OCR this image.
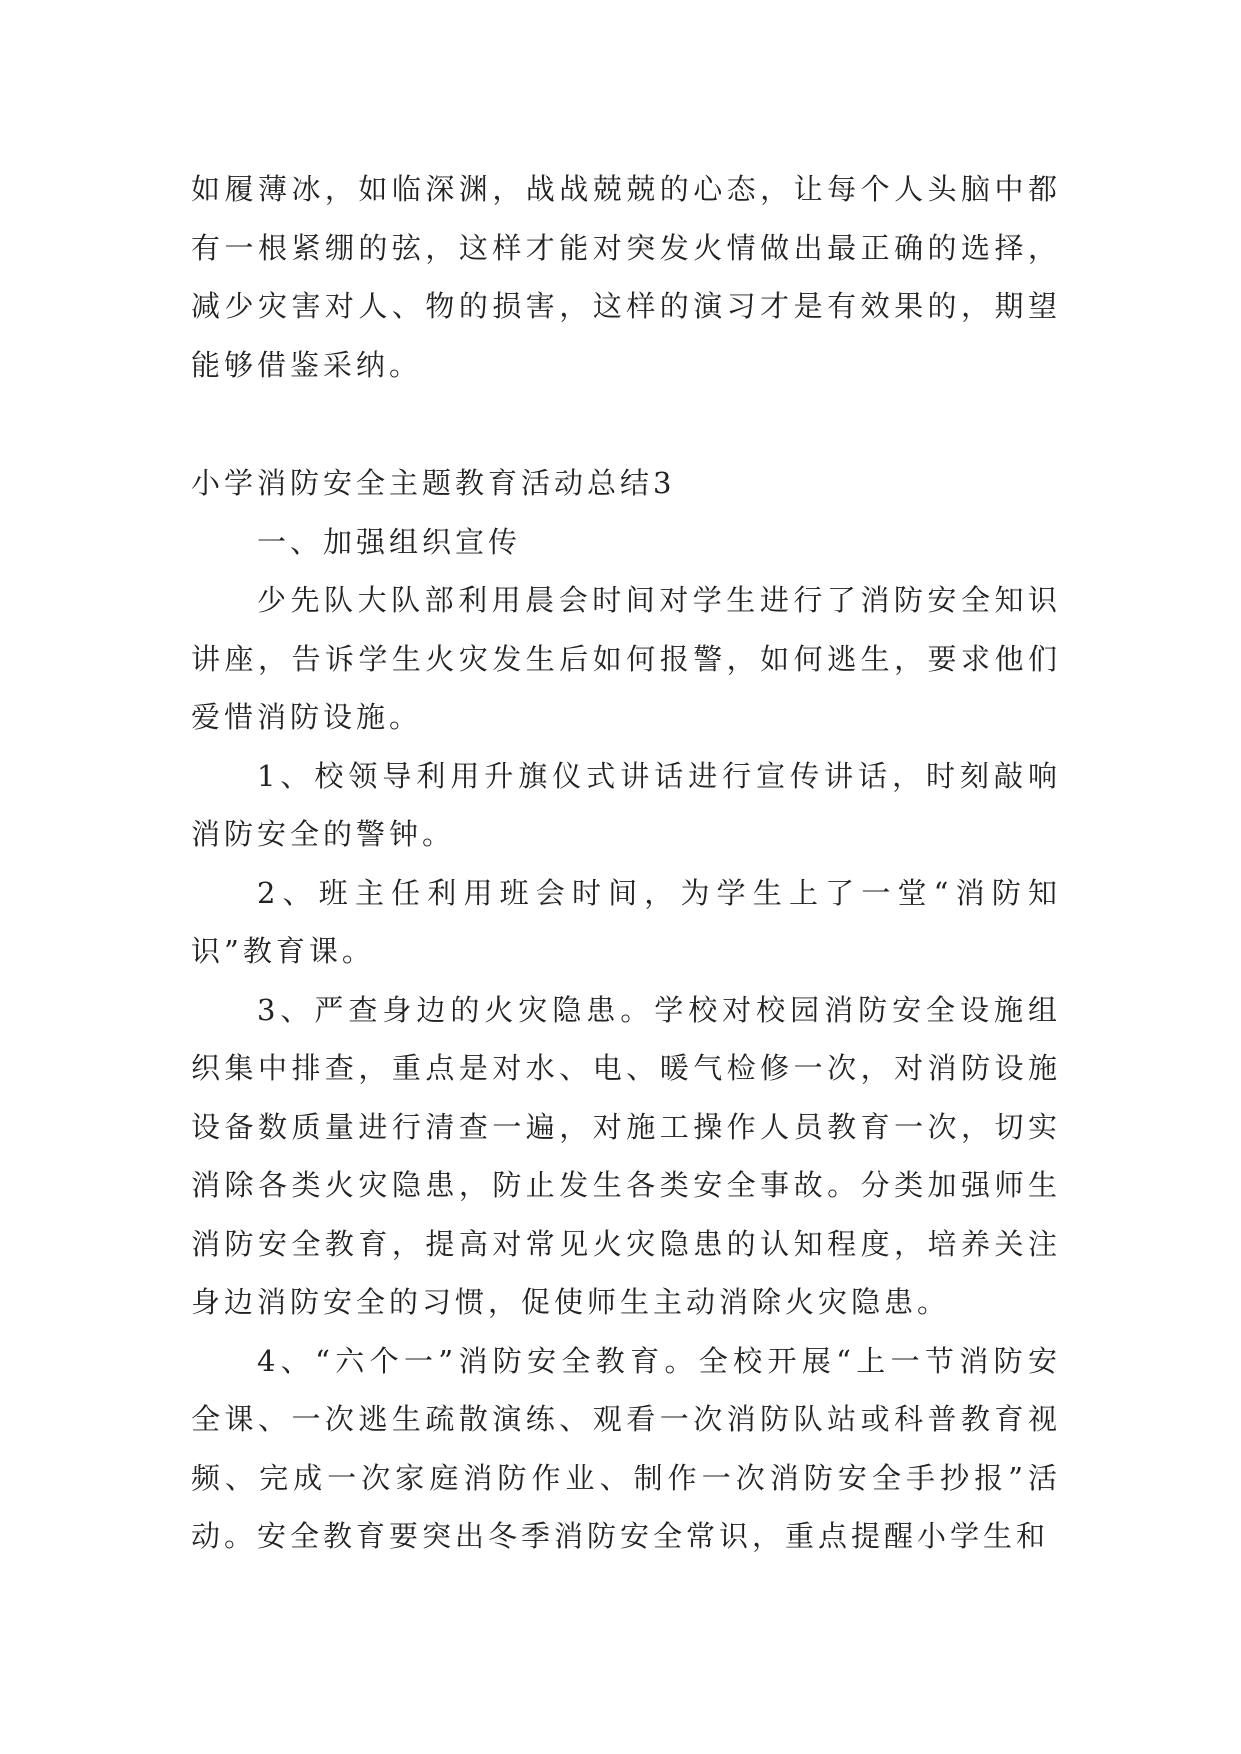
如履薄冰，如临深渊，战战兢兢的心态，让每个人头脑中都有一根紧绷的弦，这样才能对突发火情做出最正确的选择，减少灾害对人、物的损害，这样的演习才是有效果的，期望能够借鉴采纳。

小学消防安全主题教育活动总结3

一、加强组织宣传

少先队大队部利用晨会时间对学生进行了消防安全知识讲座，告诉学生火灾发生后如何报警，如何逃生，要求他们爱惜消防设施。

1、校领导利用升旗仪式讲话进行宣传讲话，时刻敲响消防安全的警钟。

2、班主任利用班会时间，为学生上了一堂“消防知识”教育课。

3、严查身边的火灾隐患。学校对校园消防安全设施组织集中排查，重点是对水、电、暖气检修一次，对消防设施设备数质量进行清查一遍，对施工操作人员教育一次，切实消除各类火灾隐患，防止发生各类安全事故。分类加强师生消防安全教育，提高对常见火灾隐患的认知程度，培养关注身边消防安全的习惯，促使师生主动消除火灾隐患。

4、“六个一”消防安全教育。全校开展“上一节消防安全课、一次逃生疏散演练、观看一次消防队站或科普教育视频、完成一次家庭消防作业、制作一次消防安全手抄报”活动。安全教育要突出冬季消防安全常识，重点提醒小学生和
